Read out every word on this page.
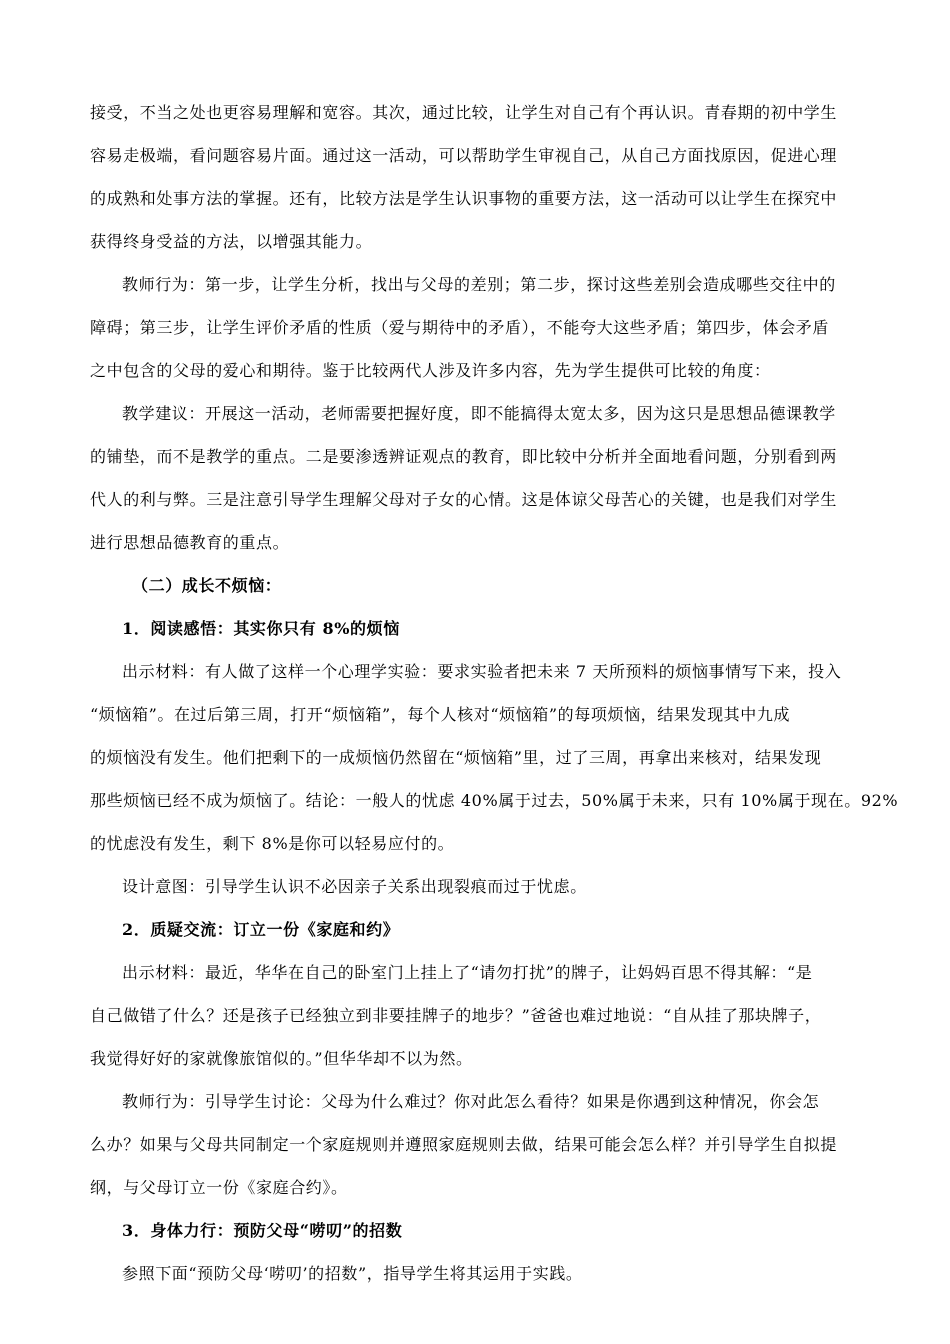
接受，不当之处也更容易理解和宽容。其次，通过比较，让学生对自己有个再认识。青春期的初中学生
容易走极端，看问题容易片面。通过这一活动，可以帮助学生审视自己，从自己方面找原因，促进心理
的成熟和处事方法的掌握。还有，比较方法是学生认识事物的重要方法，这一活动可以让学生在探究中
获得终身受益的方法，以增强其能力。
教师行为：第一步，让学生分析，找出与父母的差别；第二步，探讨这些差别会造成哪些交往中的
障碍；第三步，让学生评价矛盾的性质（爱与期待中的矛盾），不能夸大这些矛盾；第四步，体会矛盾
之中包含的父母的爱心和期待。鉴于比较两代人涉及许多内容，先为学生提供可比较的角度：
教学建议：开展这一活动，老师需要把握好度，即不能搞得太宽太多，因为这只是思想品德课教学
的铺垫，而不是教学的重点。二是要渗透辨证观点的教育，即比较中分析并全面地看问题，分别看到两
代人的利与弊。三是注意引导学生理解父母对子女的心情。这是体谅父母苦心的关键，也是我们对学生
进行思想品德教育的重点。
（二）成长不烦恼：
1．阅读感悟：其实你只有 8%的烦恼
出示材料：有人做了这样一个心理学实验：要求实验者把未来 7 天所预料的烦恼事情写下来，投入
“烦恼箱”。在过后第三周，打开“烦恼箱”，每个人核对“烦恼箱”的每项烦恼，结果发现其中九成
的烦恼没有发生。他们把剩下的一成烦恼仍然留在“烦恼箱”里，过了三周，再拿出来核对，结果发现
那些烦恼已经不成为烦恼了。结论：一般人的忧虑 40%属于过去，50%属于未来，只有 10%属于现在。92%
的忧虑没有发生，剩下 8%是你可以轻易应付的。
设计意图：引导学生认识不必因亲子关系出现裂痕而过于忧虑。
2．质疑交流：订立一份《家庭和约》
出示材料：最近，华华在自己的卧室门上挂上了“请勿打扰”的牌子，让妈妈百思不得其解：“是
自己做错了什么？还是孩子已经独立到非要挂牌子的地步？”爸爸也难过地说：“自从挂了那块牌子，
我觉得好好的家就像旅馆似的。”但华华却不以为然。
教师行为：引导学生讨论：父母为什么难过？你对此怎么看待？如果是你遇到这种情况，你会怎
么办？如果与父母共同制定一个家庭规则并遵照家庭规则去做，结果可能会怎么样？并引导学生自拟提
纲，与父母订立一份《家庭合约》。
3．身体力行：预防父母“唠叨”的招数
参照下面“预防父母‘唠叨’的招数”，指导学生将其运用于实践。
